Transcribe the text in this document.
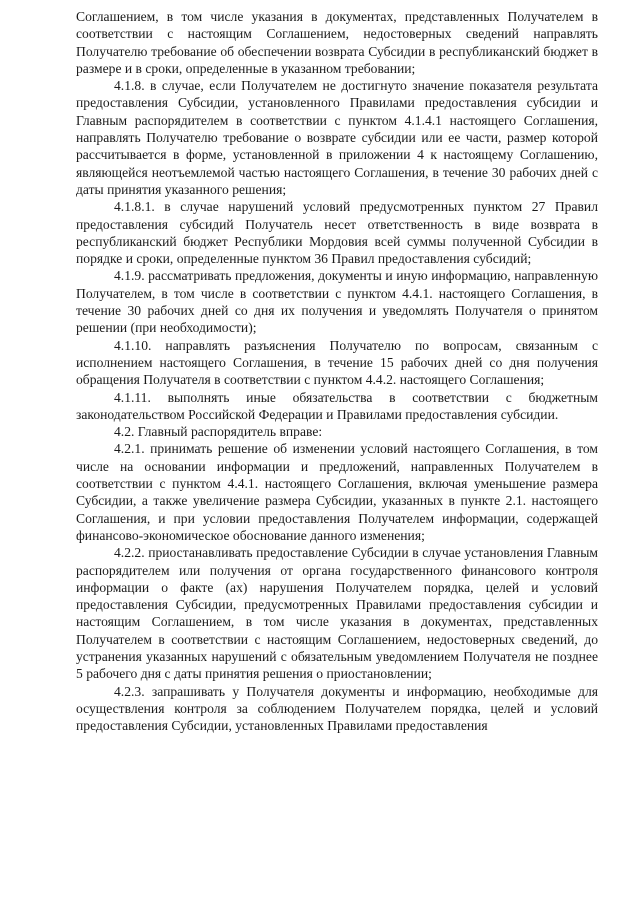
Соглашением, в том числе указания в документах, представленных Получателем в соответствии с настоящим Соглашением, недостоверных сведений направлять Получателю требование об обеспечении возврата Субсидии в республиканский бюджет в размере и в сроки, определенные в указанном требовании;

4.1.8. в случае, если Получателем не достигнуто значение показателя результата предоставления Субсидии, установленного Правилами предоставления субсидии и Главным распорядителем в соответствии с пунктом 4.1.4.1 настоящего Соглашения, направлять Получателю требование о возврате субсидии или ее части, размер которой рассчитывается в форме, установленной в приложении 4 к настоящему Соглашению, являющейся неотъемлемой частью настоящего Соглашения, в течение 30 рабочих дней с даты принятия указанного решения;

4.1.8.1. в случае нарушений условий предусмотренных пунктом 27 Правил предоставления субсидий Получатель несет ответственность в виде возврата в республиканский бюджет Республики Мордовия всей суммы полученной Субсидии в порядке и сроки, определенные пунктом 36 Правил предоставления субсидий;

4.1.9. рассматривать предложения, документы и иную информацию, направленную Получателем, в том числе в соответствии с пунктом 4.4.1. настоящего Соглашения, в течение 30 рабочих дней со дня их получения и уведомлять Получателя о принятом решении (при необходимости);

4.1.10. направлять разъяснения Получателю по вопросам, связанным с исполнением настоящего Соглашения, в течение 15 рабочих дней со дня получения обращения Получателя в соответствии с пунктом 4.4.2. настоящего Соглашения;

4.1.11. выполнять иные обязательства в соответствии с бюджетным законодательством Российской Федерации и Правилами предоставления субсидии.

4.2. Главный распорядитель вправе:

4.2.1. принимать решение об изменении условий настоящего Соглашения, в том числе на основании информации и предложений, направленных Получателем в соответствии с пунктом 4.4.1. настоящего Соглашения, включая уменьшение размера Субсидии, а также увеличение размера Субсидии, указанных в пункте 2.1. настоящего Соглашения, и при условии предоставления Получателем информации, содержащей финансово-экономическое обоснование данного изменения;

4.2.2. приостанавливать предоставление Субсидии в случае установления Главным распорядителем или получения от органа государственного финансового контроля информации о факте (ах) нарушения Получателем порядка, целей и условий предоставления Субсидии, предусмотренных Правилами предоставления субсидии и настоящим Соглашением, в том числе указания в документах, представленных Получателем в соответствии с настоящим Соглашением, недостоверных сведений, до устранения указанных нарушений с обязательным уведомлением Получателя не позднее 5 рабочего дня с даты принятия решения о приостановлении;

4.2.3. запрашивать у Получателя документы и информацию, необходимые для осуществления контроля за соблюдением Получателем порядка, целей и условий предоставления Субсидии, установленных Правилами предоставления
